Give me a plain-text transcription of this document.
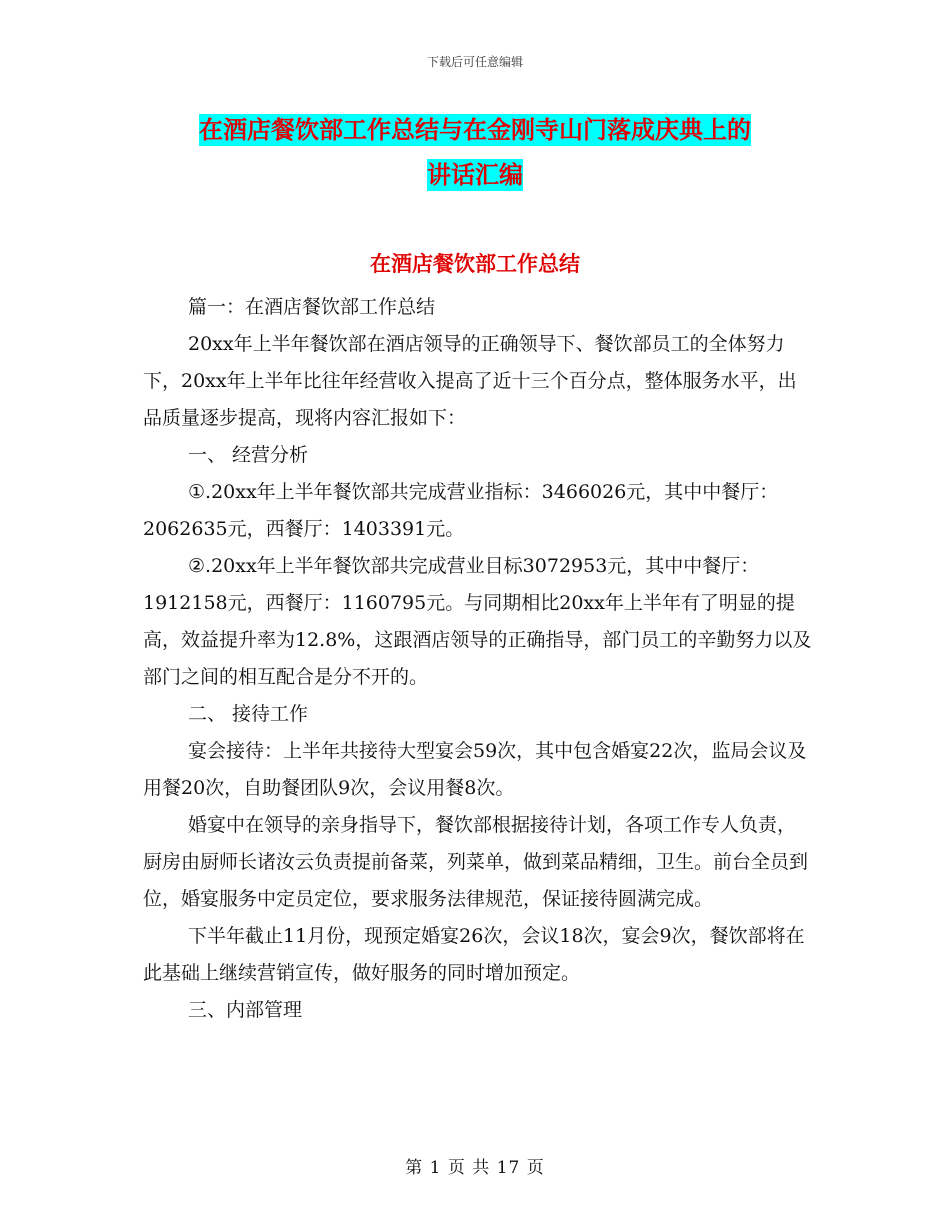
下载后可任意编辑
在酒店餐饮部工作总结与在金刚寺山门落成庆典上的
讲话汇编
在酒店餐饮部工作总结

篇一：在酒店餐饮部工作总结

20xx年上半年餐饮部在酒店领导的正确领导下、餐饮部员工的全体努力下，20xx年上半年比往年经营收入提高了近十三个百分点，整体服务水平，出品质量逐步提高，现将内容汇报如下：

一、 经营分析

①.20xx年上半年餐饮部共完成营业指标：3466026元，其中中餐厅：2062635元，西餐厅：1403391元。

②.20xx年上半年餐饮部共完成营业目标3072953元，其中中餐厅：1912158元，西餐厅：1160795元。与同期相比20xx年上半年有了明显的提高，效益提升率为12.8%，这跟酒店领导的正确指导，部门员工的辛勤努力以及部门之间的相互配合是分不开的。

二、 接待工作

宴会接待：上半年共接待大型宴会59次，其中包含婚宴22次，监局会议及用餐20次，自助餐团队9次，会议用餐8次。

婚宴中在领导的亲身指导下，餐饮部根据接待计划，各项工作专人负责，厨房由厨师长诸汝云负责提前备菜，列菜单，做到菜品精细，卫生。前台全员到位，婚宴服务中定员定位，要求服务法律规范，保证接待圆满完成。

下半年截止11月份，现预定婚宴26次，会议18次，宴会9次，餐饮部将在此基础上继续营销宣传，做好服务的同时增加预定。

三、内部管理

第 1 页 共 17 页
